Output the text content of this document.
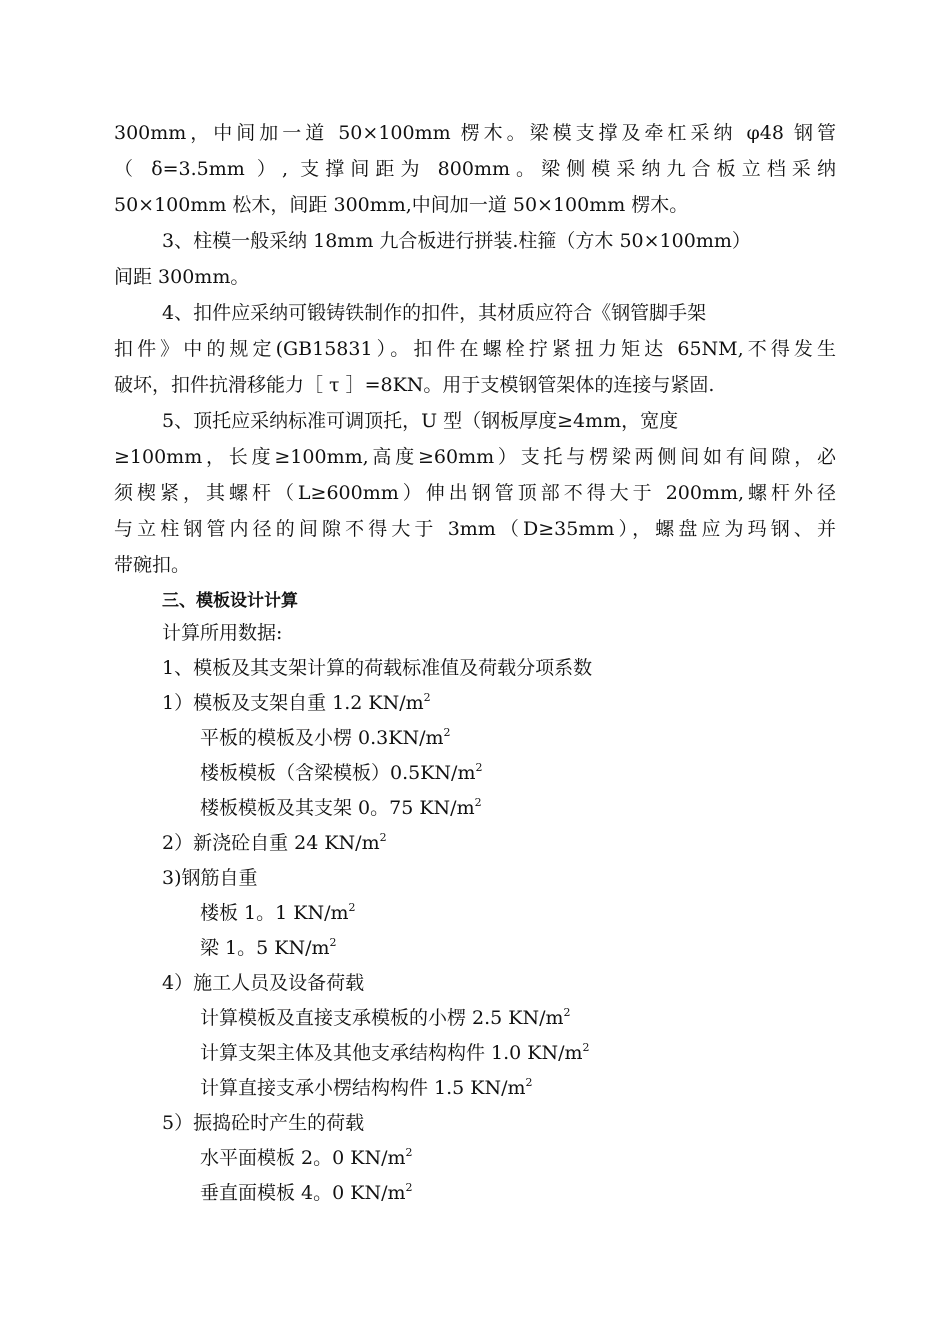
300mm，中间加一道 50×100mm 楞木。梁模支撑及牵杠采纳 φ48 钢管
（ δ=3.5mm ）, 支撑间距为 800mm。梁侧模采纳九合板立档采纳
50×100mm 松木，间距 300mm,中间加一道 50×100mm 楞木。
3、柱模一般采纳 18mm 九合板进行拼装.柱箍（方木 50×100mm）
间距 300mm。
4、扣件应采纳可锻铸铁制作的扣件，其材质应符合《钢管脚手架
扣件》中的规定(GB15831）。扣件在螺栓拧紧扭力矩达 65NM,不得发生
破坏，扣件抗滑移能力［ τ ］=8KN。用于支模钢管架体的连接与紧固.
5、顶托应采纳标准可调顶托，U 型（钢板厚度≥4mm，宽度
≥100mm，长度≥100mm,高度≥60mm）支托与楞梁两侧间如有间隙，必
须楔紧，其螺杆（L≥600mm）伸出钢管顶部不得大于 200mm,螺杆外径
与立柱钢管内径的间隙不得大于 3mm（D≥35mm），螺盘应为玛钢、并
带碗扣。
三、模板设计计算
计算所用数据:
1、模板及其支架计算的荷载标准值及荷载分项系数
1）模板及支架自重 1.2 $KN/m^2$
平板的模板及小楞 $0.3KN/m^2$
楼板模板（含梁模板）$0.5KN/m^2$
楼板模板及其支架 0。75 $KN/m^2$
2）新浇砼自重 24 $KN/m^2$
3)钢筋自重
楼板 1。1 $KN/m^2$
梁 1。5 $KN/m^2$
4）施工人员及设备荷载
计算模板及直接支承模板的小楞 2.5 $KN/m^2$
计算支架主体及其他支承结构构件 1.0 $KN/m^2$
计算直接支承小楞结构构件 1.5 $KN/m^2$
5）振捣砼时产生的荷载
水平面模板 2。0 $KN/m^2$
垂直面模板 4。0 $KN/m^2$
